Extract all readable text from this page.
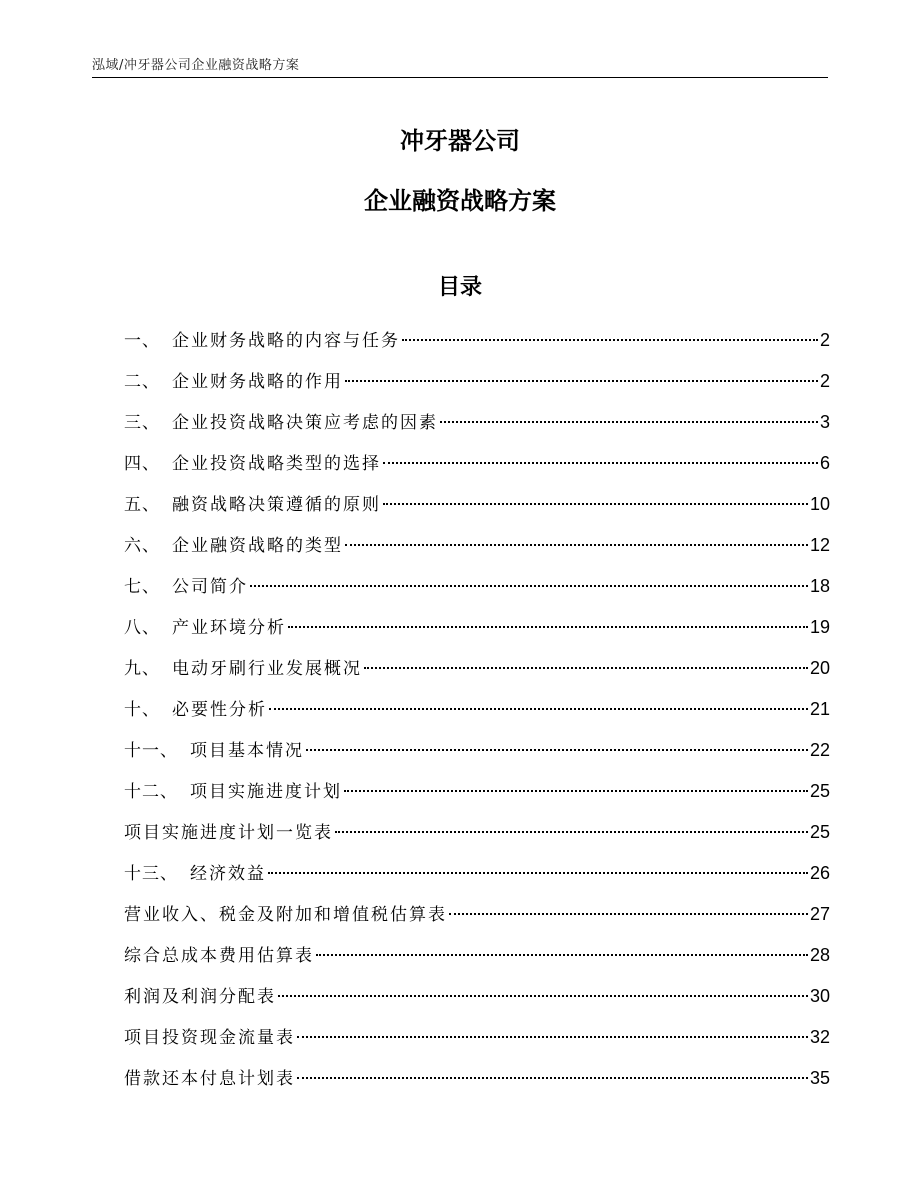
泓域/冲牙器公司企业融资战略方案
冲牙器公司
企业融资战略方案
目录
一、 企业财务战略的内容与任务	2
二、 企业财务战略的作用	2
三、 企业投资战略决策应考虑的因素	3
四、 企业投资战略类型的选择	6
五、 融资战略决策遵循的原则	10
六、 企业融资战略的类型	12
七、 公司简介	18
八、 产业环境分析	19
九、 电动牙刷行业发展概况	20
十、 必要性分析	21
十一、 项目基本情况	22
十二、 项目实施进度计划	25
项目实施进度计划一览表	25
十三、 经济效益	26
营业收入、税金及附加和增值税估算表	27
综合总成本费用估算表	28
利润及利润分配表	30
项目投资现金流量表	32
借款还本付息计划表	35
